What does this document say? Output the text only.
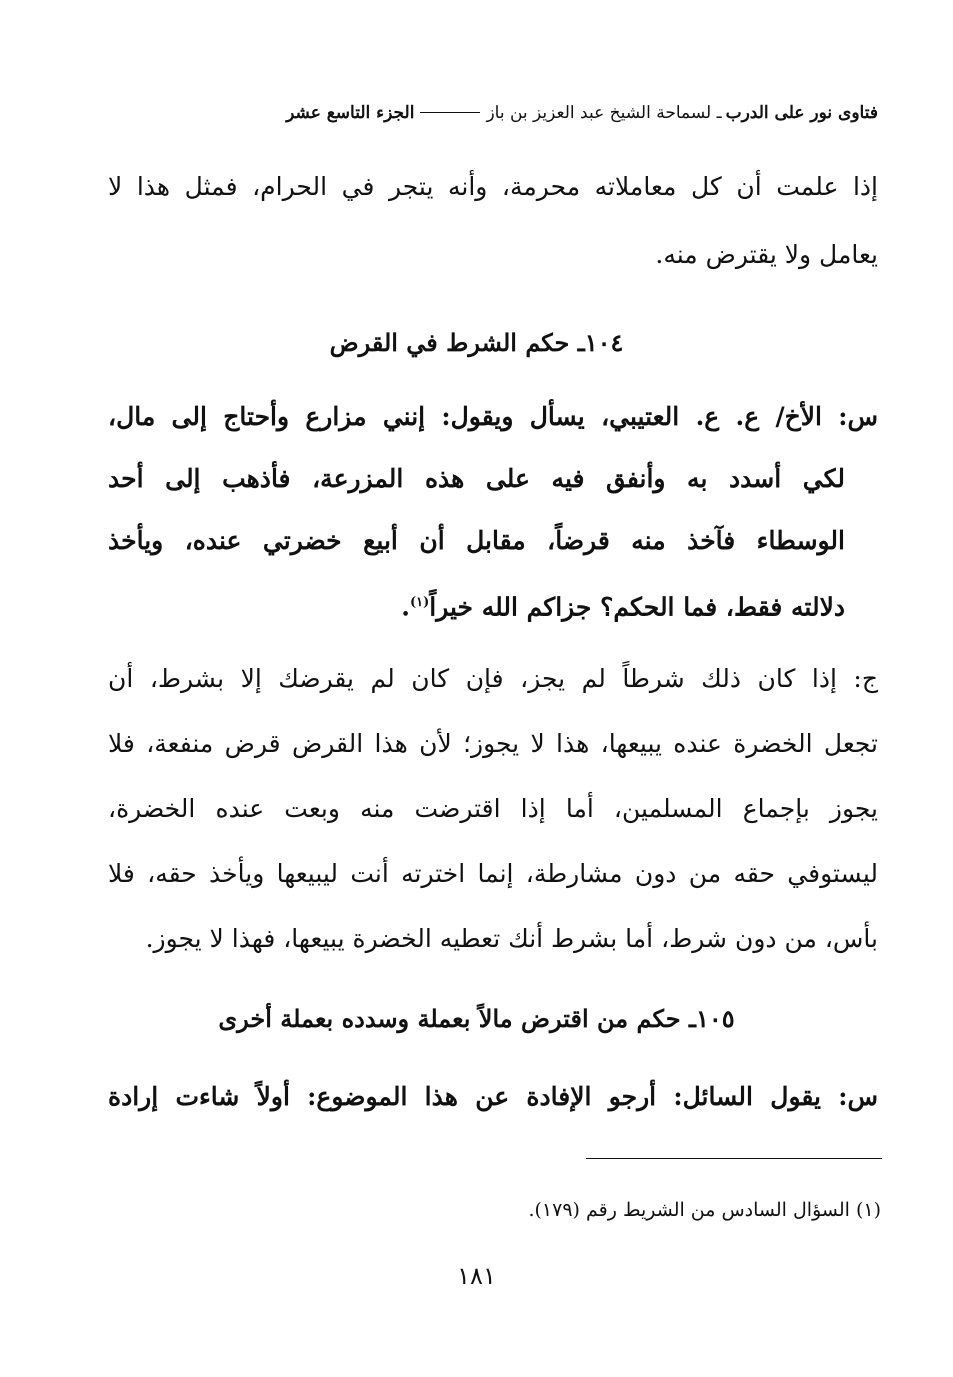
فتاوى نور على الدرب
ـ لسماحة الشيخ عبد العزيز بن باز
الجزء التاسع عشر
إذا علمت أن كل معاملاته محرمة، وأنه يتجر في الحرام، فمثل هذا لا
يعامل ولا يقترض منه.
١٠٤ـ حكم الشرط في القرض
س: الأخ/ ع. ع. العتيبي، يسأل ويقول: إنني مزارع وأحتاج إلى مال،
لكي أسدد به وأنفق فيه على هذه المزرعة، فأذهب إلى أحد
الوسطاء فآخذ منه قرضاً، مقابل أن أبيع خضرتي عنده، ويأخذ
دلالته فقط، فما الحكم؟ جزاكم الله خيراً$^{(١)}$.
ج: إذا كان ذلك شرطاً لم يجز، فإن كان لم يقرضك إلا بشرط، أن
تجعل الخضرة عنده يبيعها، هذا لا يجوز؛ لأن هذا القرض قرض منفعة، فلا
يجوز بإجماع المسلمين، أما إذا اقترضت منه وبعت عنده الخضرة،
ليستوفي حقه من دون مشارطة، إنما اخترته أنت ليبيعها ويأخذ حقه، فلا
بأس، من دون شرط، أما بشرط أنك تعطيه الخضرة يبيعها، فهذا لا يجوز.
١٠٥ـ حكم من اقترض مالاً بعملة وسدده بعملة أخرى
س: يقول السائل: أرجو الإفادة عن هذا الموضوع: أولاً شاءت إرادة
(١) السؤال السادس من الشريط رقم (١٧٩).
١٨١
